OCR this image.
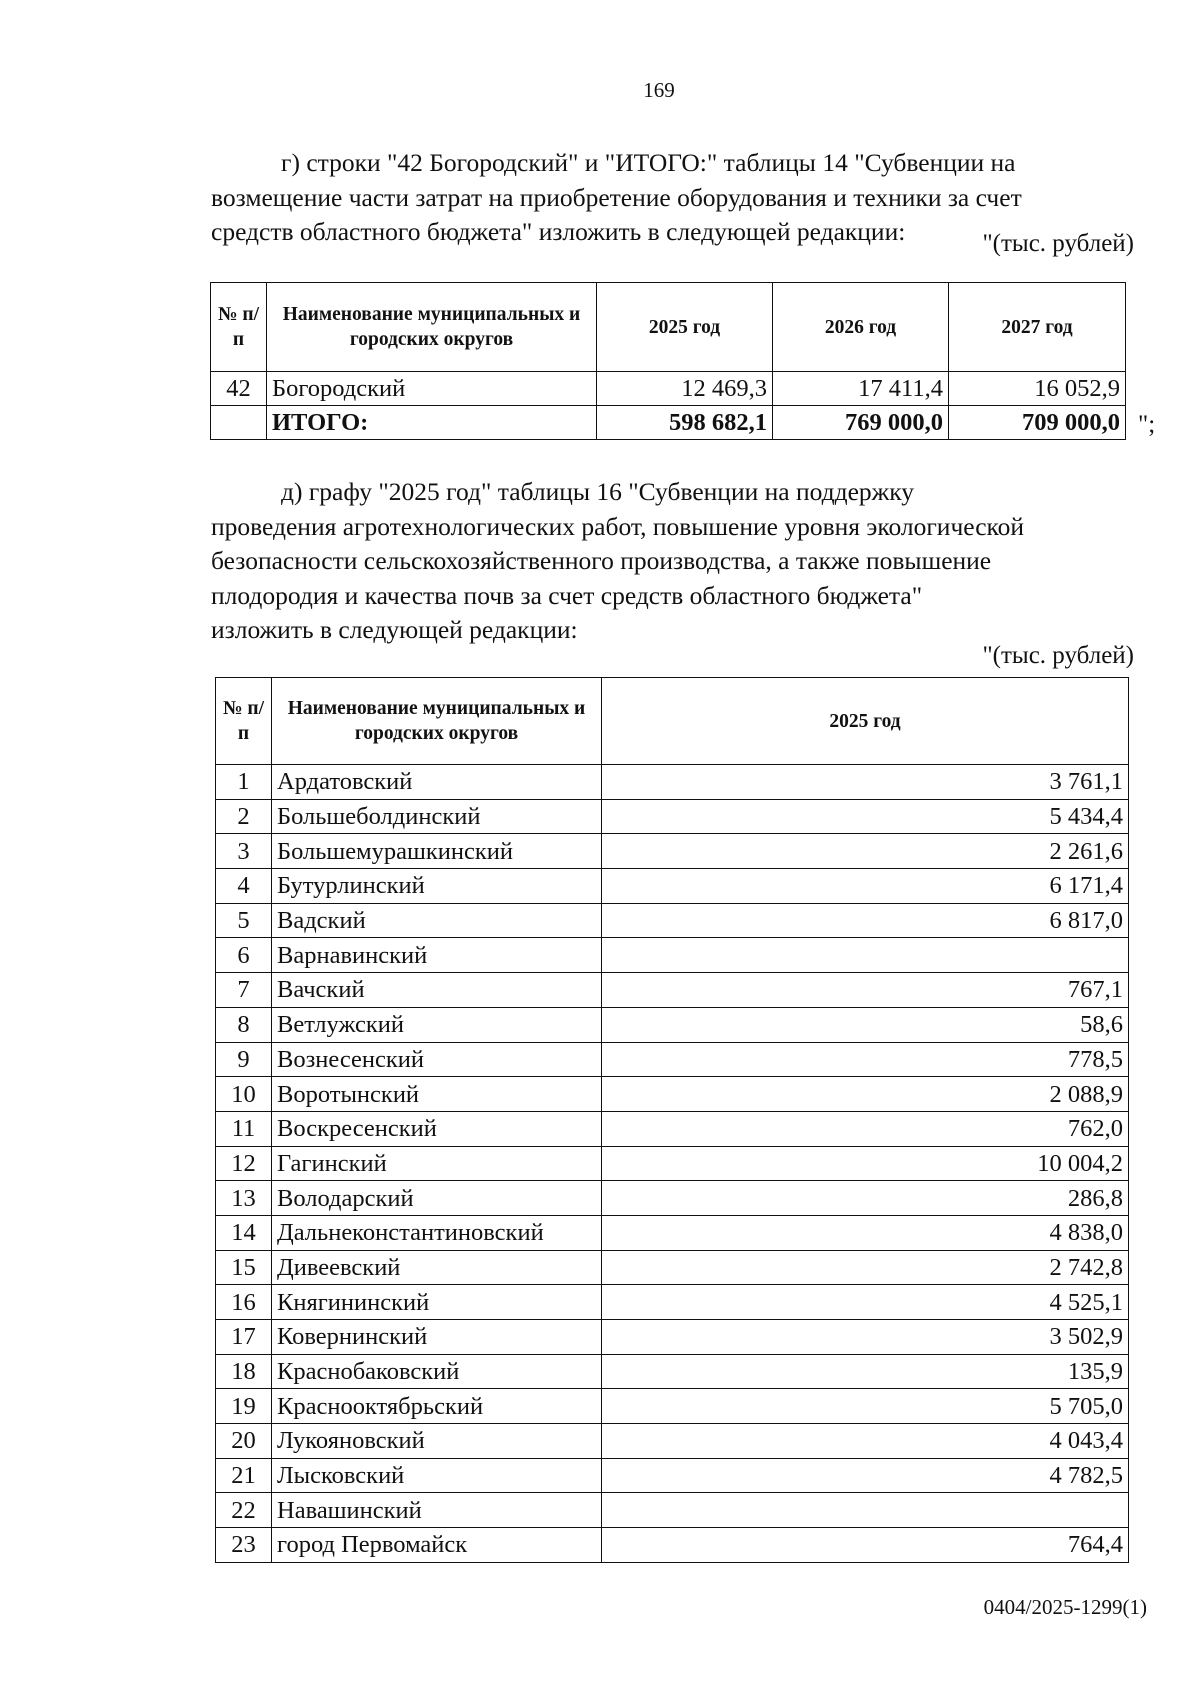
169

г) строки "42 Богородский" и "ИТОГО:" таблицы 14 "Субвенции на
возмещение части затрат на приобретение оборудования и техники за счет
средств областного бюджета" изложить в следующей редакции:	"(тыс. рублей)
№ п/п	Наименование муниципальных и городских округов	2025 год	2026 год	2027 год
42	Богородский	12 469,3	17 411,4	16 052,9
	ИТОГО:	598 682,1	769 000,0	709 000,0 ";

д) графу "2025 год" таблицы 16 "Субвенции на поддержку
проведения агротехнологических работ, повышение уровня экологической
безопасности сельскохозяйственного производства, а также повышение
плодородия и качества почв за счет средств областного бюджета"
изложить в следующей редакции:

"(тыс. рублей)
№ п/п	Наименование муниципальных и городских округов	2025 год
1	Ардатовский	3 761,1
2	Большеболдинский	5 434,4
3	Большемурашкинский	2 261,6
4	Бутурлинский	6 171,4
5	Вадский	6 817,0
6	Варнавинский	
7	Вачский	767,1
8	Ветлужский	58,6
9	Вознесенский	778,5
10	Воротынский	2 088,9
11	Воскресенский	762,0
12	Гагинский	10 004,2
13	Володарский	286,8
14	Дальнеконстантиновский	4 838,0
15	Дивеевский	2 742,8
16	Княгининский	4 525,1
17	Ковернинский	3 502,9
18	Краснобаковский	135,9
19	Краснооктябрьский	5 705,0
20	Лукояновский	4 043,4
21	Лысковский	4 782,5
22	Навашинский	
23	город Первомайск	764,4
0404/2025-1299(1)
